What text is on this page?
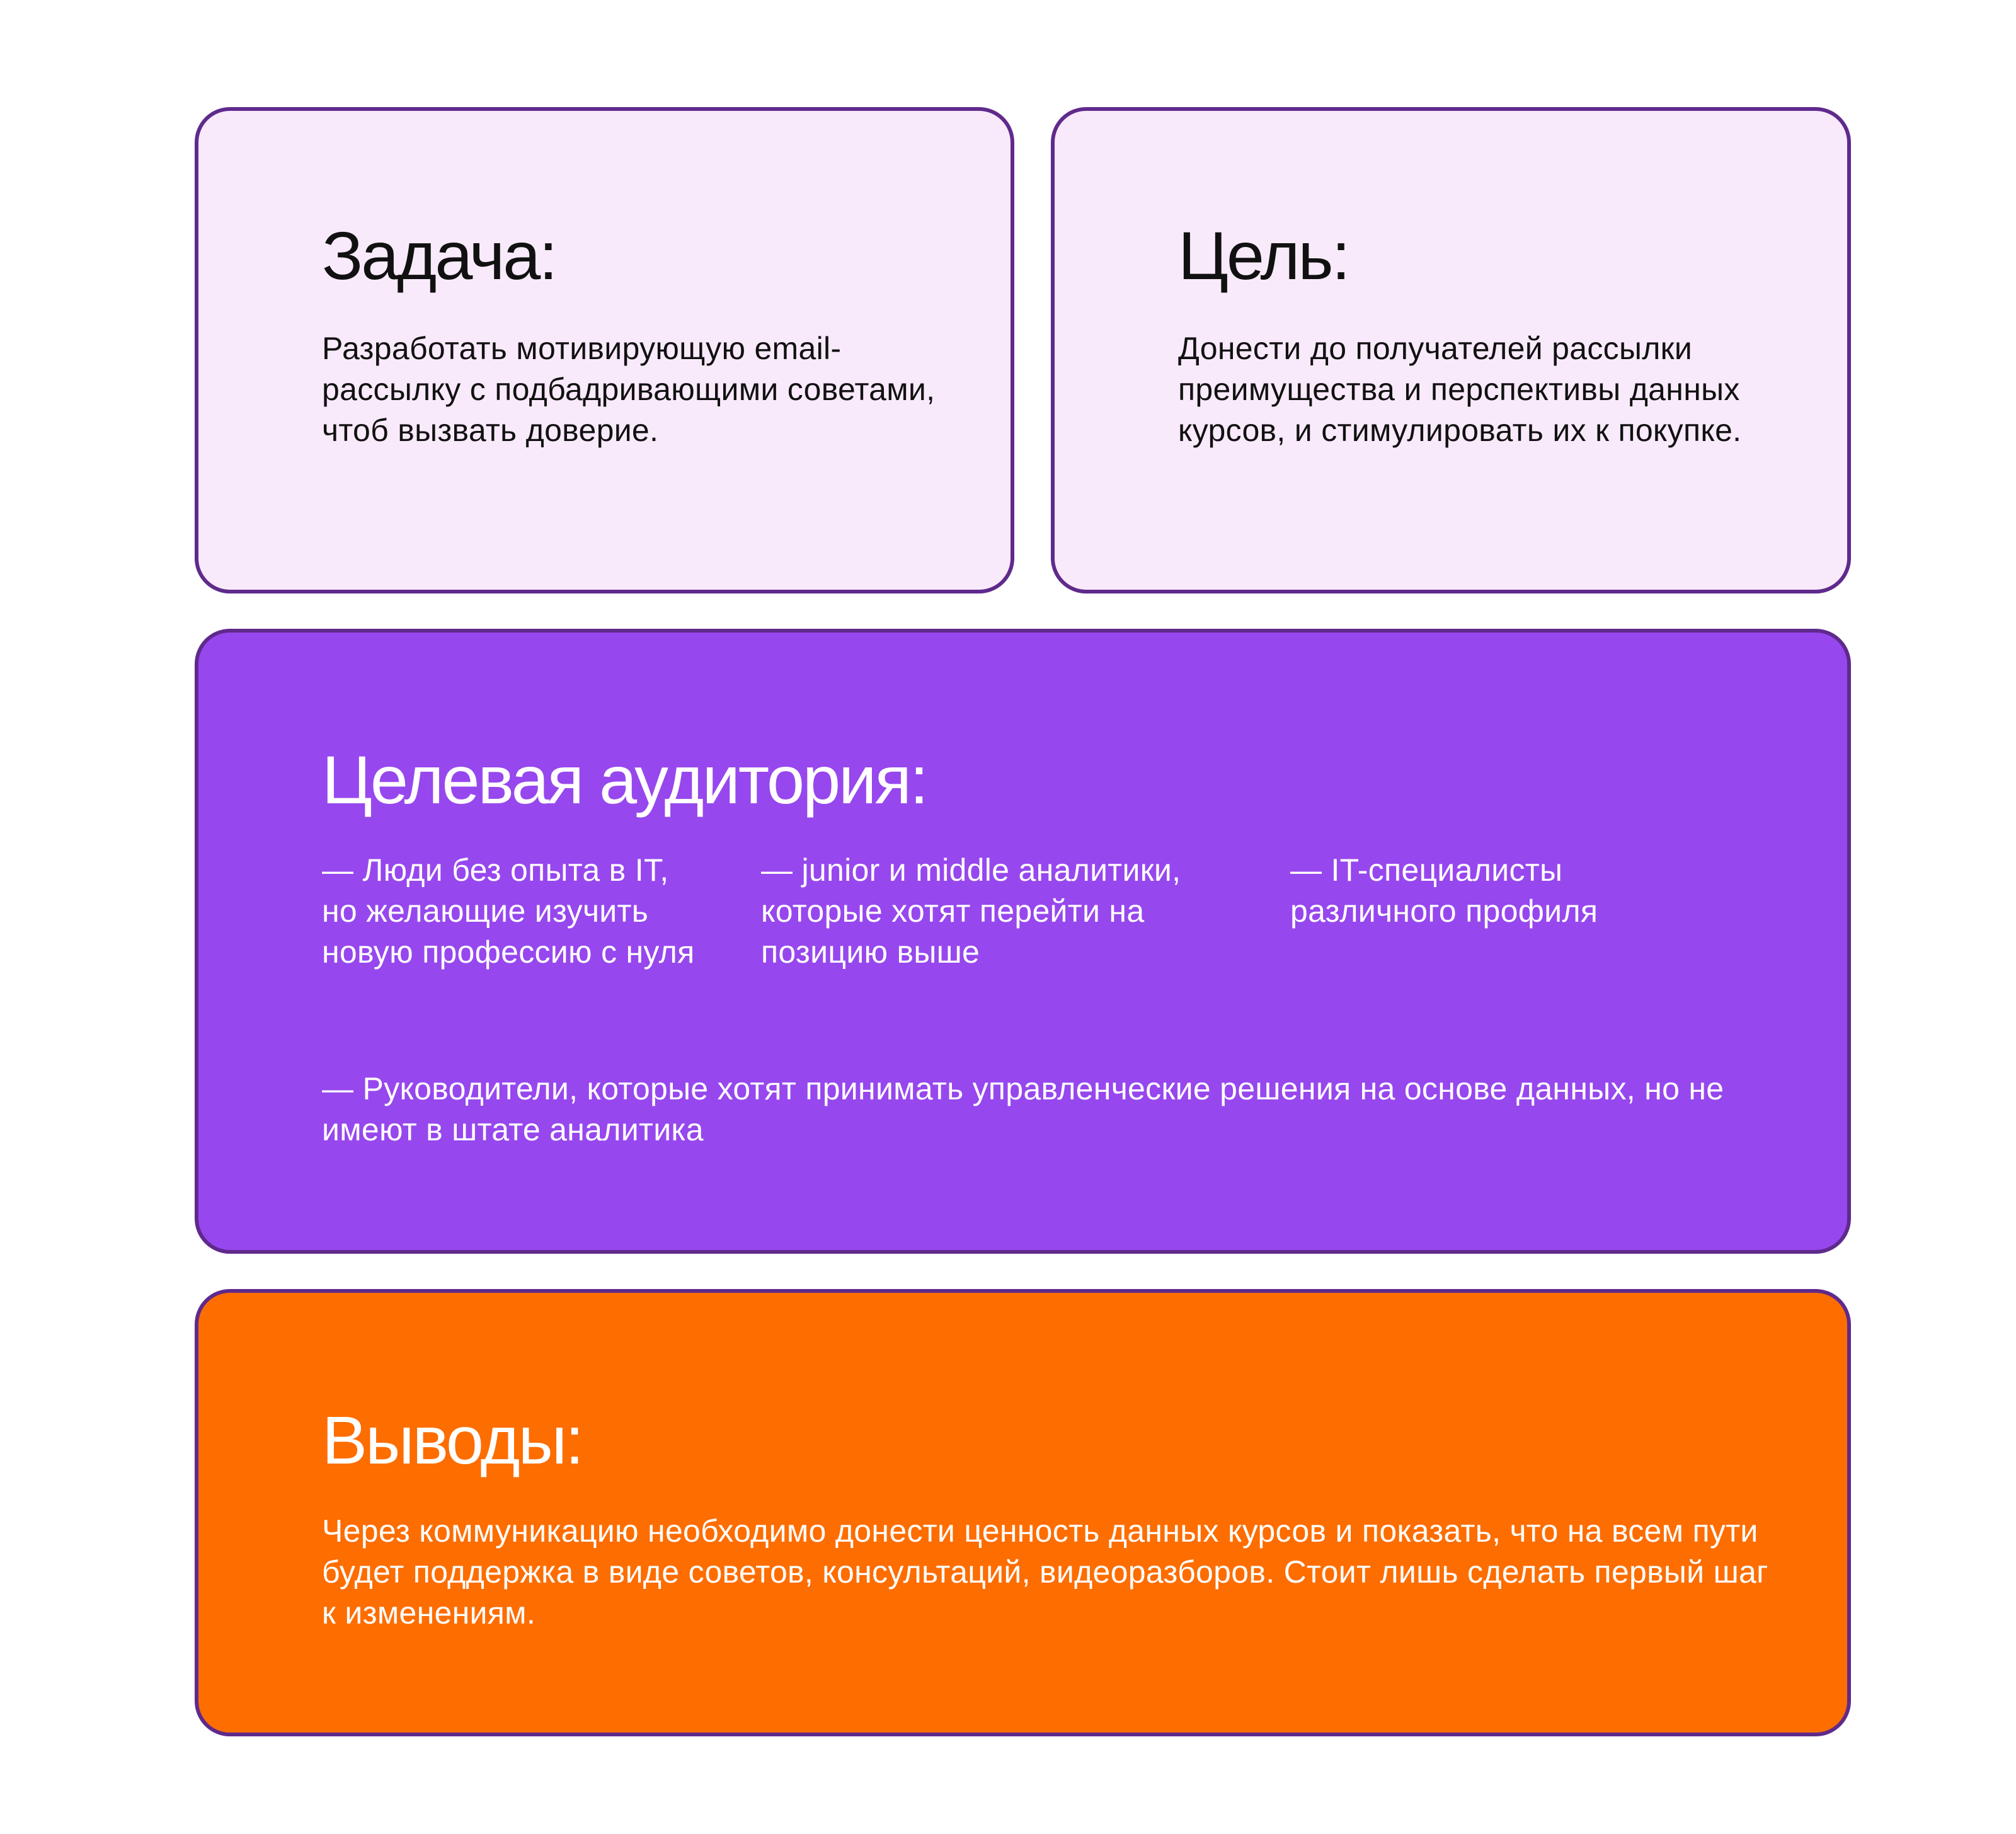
Задача:

Разработать мотивирующую email-рассылку с подбадривающими советами, чтоб вызвать доверие.

Цель:

Донести до получателей рассылки преимущества и перспективы данных курсов, и стимулировать их к покупке.

Целевая аудитория:

— Люди без опыта в IT, но желающие изучить новую профессию с нуля

— junior и middle аналитики, которые хотят перейти на позицию выше

— IT-специалисты различного профиля

— Руководители, которые хотят принимать управленческие решения на основе данных, но не имеют в штате аналитика

Выводы:

Через коммуникацию необходимо донести ценность данных курсов и показать, что на всем пути будет поддержка в виде советов, консультаций, видеоразборов. Стоит лишь сделать первый шаг к изменениям.
